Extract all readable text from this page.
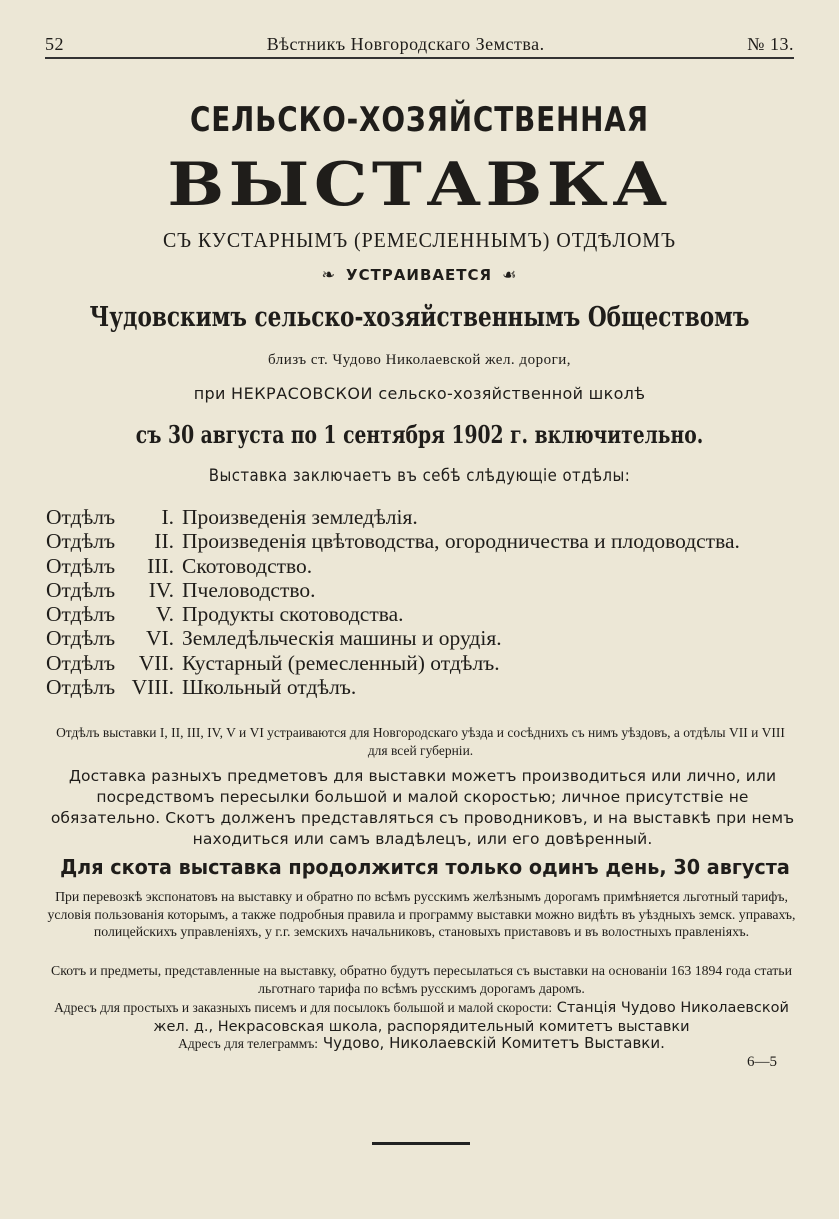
52	Вѣстникъ Новгородскаго Земства.	№ 13.
СЕЛЬСКО-ХОЗЯЙСТВЕННАЯ
ВЫСТАВКА
СЪ КУСТАРНЫМЪ (РЕМЕСЛЕННЫМЪ) ОТДѢЛОМЪ
❧ УСТРАИВАЕТСЯ ☙
Чудовскимъ сельско-хозяйственнымъ Обществомъ
близъ ст. Чудово Николаевской жел. дороги,
при НЕКРАСОВСКОИ сельско-хозяйственной школѣ
съ 30 августа по 1 сентября 1902 г. включительно.
Выставка заключаетъ въ себѣ слѣдующіе отдѣлы:
Отдѣлъ	I. Произведенія земледѣлія.
Отдѣлъ	II. Произведенія цвѣтоводства, огородничества и плодоводства.
Отдѣлъ	III. Скотоводство.
Отдѣлъ	IV. Пчеловодство.
Отдѣлъ	V. Продукты скотоводства.
Отдѣлъ	VI. Земледѣльческія машины и орудія.
Отдѣлъ	VII. Кустарный (ремесленный) отдѣлъ.
Отдѣлъ VIII. Школьный отдѣлъ.
Отдѣлъ выставки I, II, III, IV, V и VI устраиваются для Новгородскаго уѣзда и сосѣднихъ съ нимъ уѣздовъ, а отдѣлы VII и VIII для всей губерніи.
Доставка разныхъ предметовъ для выставки можетъ производиться или лично, или посредствомъ пересылки большой и малой скоростью; личное присутствіе не обязательно. Скотъ долженъ представляться съ проводниковъ, и на выставкѣ при немъ находиться или самъ владѣлецъ, или его довѣренный.
Для скота выставка продолжится только одинъ день, 30 августа
При перевозкѣ экспонатовъ на выставку и обратно по всѣмъ русскимъ желѣзнымъ дорогамъ примѣняется льготный тарифъ, условія пользованія которымъ, а также подробныя правила и программу выставки можно видѣть въ уѣздныхъ земск. управахъ, полицейскихъ управленіяхъ, у г.г. земскихъ начальниковъ, становыхъ приставовъ и въ волостныхъ правленіяхъ.
Скотъ и предметы, представленные на выставку, обратно будутъ пересылаться съ выставки на основаніи 163 1894 года статьи льготнаго тарифа по всѣмъ русскимъ дорогамъ даромъ.
Адресъ для простыхъ и заказныхъ писемъ и для посылокъ большой и малой скорости: Станція Чудово Николаевской жел. д., Некрасовская школа, распорядительный комитетъ выставки
Адресъ для телеграммъ: Чудово, Николаевскій Комитетъ Выставки.
6—5
